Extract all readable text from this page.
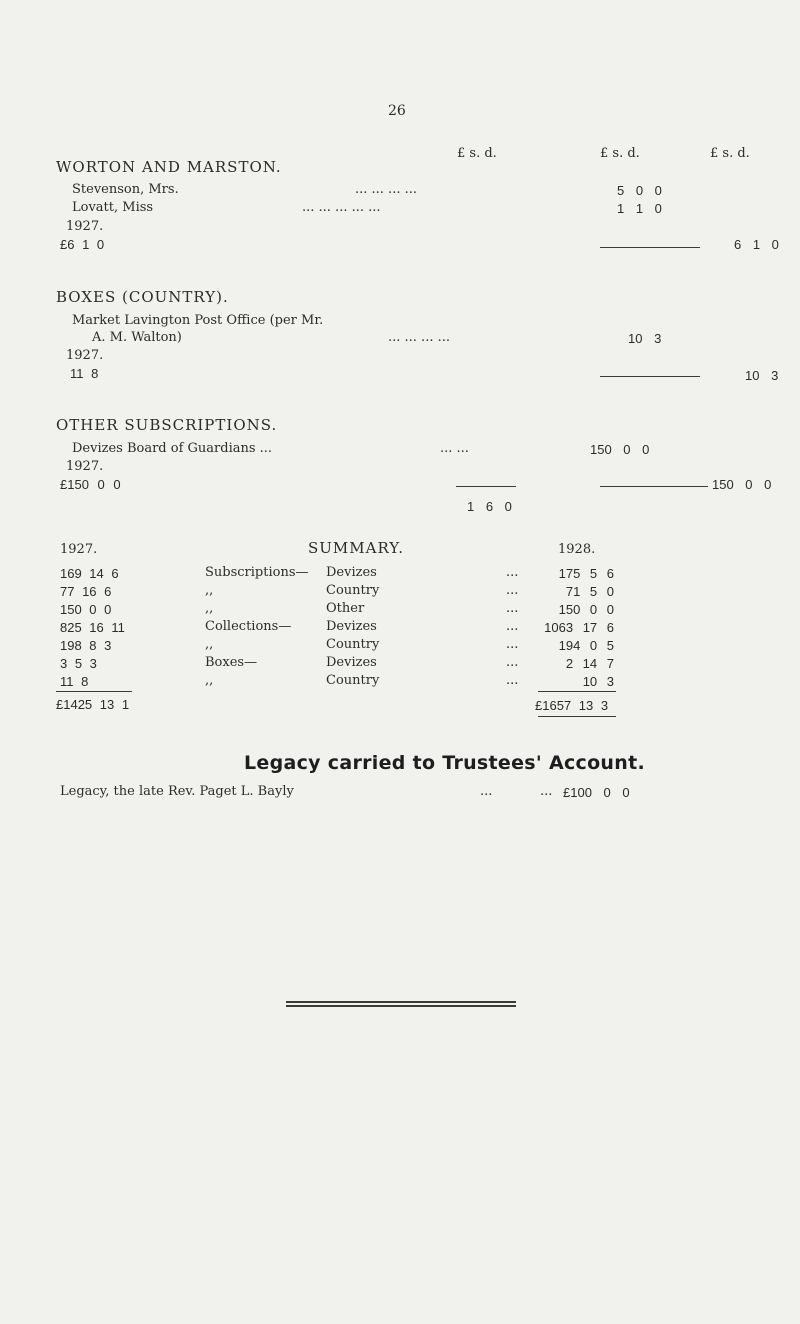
26
£ s. d.	£ s. d.	£ s. d.
WORTON AND MARSTON.
Stevenson, Mrs.	... ... ... ...	5 0 0
Lovatt, Miss	... ... ... ... ...	1 1 0
1927.
£6 1 0	6 1 0
BOXES (COUNTRY).
Market Lavington Post Office (per Mr.
A. M. Walton)	... ... ... ...	10 3
1927.
11 8	10 3
OTHER SUBSCRIPTIONS.
Devizes Board of Guardians ...	... ...	150 0 0
1927.
£150 0 0	150 0 0
1 6 0
1927.	SUMMARY.	1928.
169 14 6	Subscriptions— Devizes	...	175 5 6
77 16 6	,,	Country	...	71 5 0
150 0 0	,,	Other	...	150 0 0
825 16 11	Collections—	Devizes	... 1063 17 6
198 8 3	,,	Country	...	194 0 5
3 5 3	Boxes—	Devizes	...	2 14 7
11 8	,,	Country	...	10 3
£1425 13 1	£1657 13 3
Legacy carried to Trustees' Account.
Legacy, the late Rev. Paget L. Bayly	...	... £100 0 0
